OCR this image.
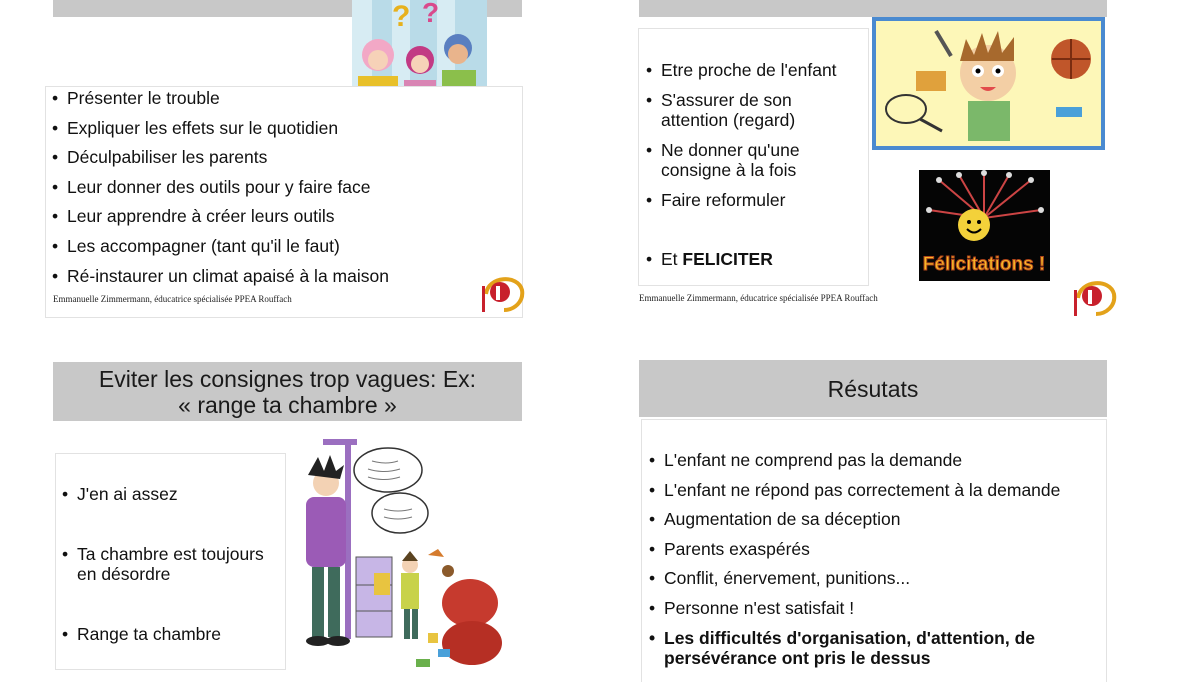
? ?
• Présenter le trouble
• Expliquer les effets sur le quotidien
• Déculpabiliser les parents
• Leur donner des outils pour y faire face
• Leur apprendre à créer leurs outils
• Les accompagner (tant qu'il le faut)
• Ré-instaurer un climat apaisé à la maison
Emmanuelle Zimmermann, éducatrice spécialisée PPEA Rouffach
• Etre proche de l'enfant
• S'assurer de son attention (regard)
• Ne donner qu'une consigne à la fois
• Faire reformuler
• Et FELICITER	Félicitations !
Emmanuelle Zimmermann, éducatrice spécialisée PPEA Rouffach
Eviter les consignes trop vagues: Ex:
« range ta chambre »
• J'en ai assez
• Ta chambre est toujours en désordre
• Range ta chambre
Résutats
• L'enfant ne comprend pas la demande
• L'enfant ne répond pas correctement à la demande
• Augmentation de sa déception
• Parents exaspérés
• Conflit, énervement, punitions...
• Personne n'est satisfait !
• Les difficultés d'organisation, d'attention, de persévérance ont pris le dessus
